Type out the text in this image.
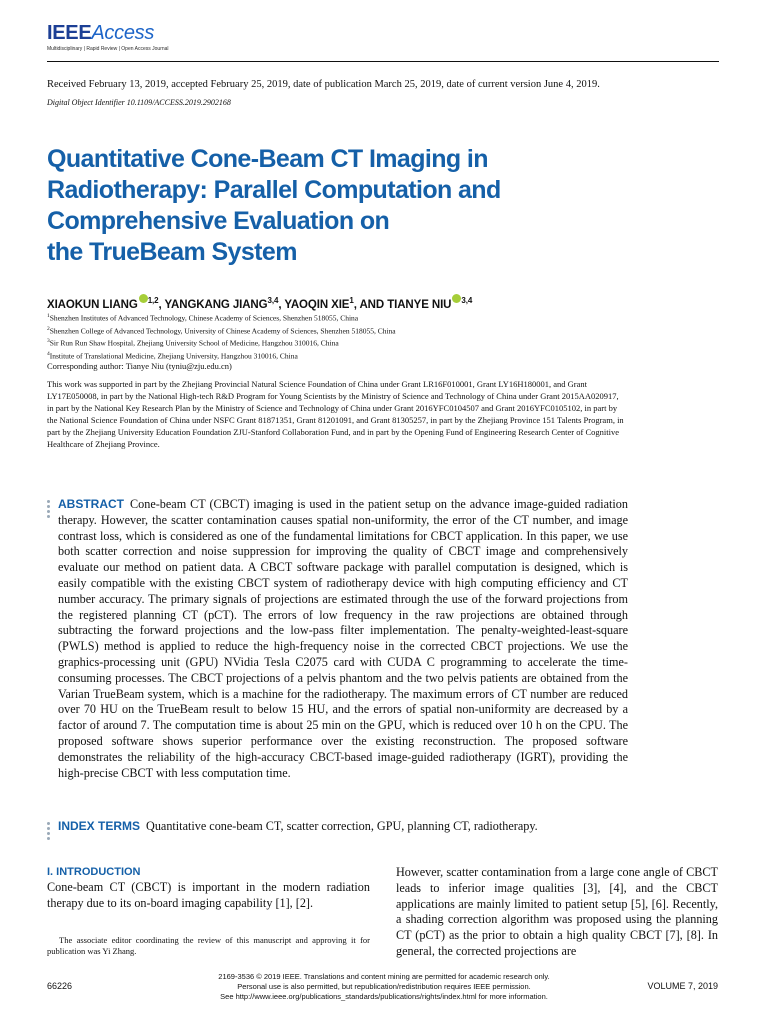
IEEEAccess
Multidisciplinary | Rapid Review | Open Access Journal
Received February 13, 2019, accepted February 25, 2019, date of publication March 25, 2019, date of current version June 4, 2019.
Digital Object Identifier 10.1109/ACCESS.2019.2902168
Quantitative Cone-Beam CT Imaging in
Radiotherapy: Parallel Computation and
Comprehensive Evaluation on
the TrueBeam System
XIAOKUN LIANG $^{1,2}$, YANGKANG JIANG$^{3,4}$, YAOQIN XIE$^1$, AND TIANYE NIU $^{3,4}$
$^1$Shenzhen Institutes of Advanced Technology, Chinese Academy of Sciences, Shenzhen 518055, China
$^2$Shenzhen College of Advanced Technology, University of Chinese Academy of Sciences, Shenzhen 518055, China
$^3$Sir Run Run Shaw Hospital, Zhejiang University School of Medicine, Hangzhou 310016, China
$^4$Institute of Translational Medicine, Zhejiang University, Hangzhou 310016, China
Corresponding author: Tianye Niu (tyniu@zju.edu.cn)
This work was supported in part by the Zhejiang Provincial Natural Science Foundation of China under Grant LR16F010001, Grant LY16H180001, and Grant LY17E050008, in part by the National High-tech R&D Program for Young Scientists by the Ministry of Science and Technology of China under Grant 2015AA020917, in part by the National Key Research Plan by the Ministry of Science and Technology of China under Grant 2016YFC0104507 and Grant 2016YFC0105102, in part by the National Science Foundation of China under NSFC Grant 81871351, Grant 81201091, and Grant 81305257, in part by the Zhejiang Province 151 Talents Program, in part by the Zhejiang University Education Foundation ZJU-Stanford Collaboration Fund, and in part by the Opening Fund of Engineering Research Center of Cognitive Healthcare of Zhejiang Province.

ABSTRACT Cone-beam CT (CBCT) imaging is used in the patient setup on the advance image-guided radiation therapy. However, the scatter contamination causes spatial non-uniformity, the error of the CT number, and image contrast loss, which is considered as one of the fundamental limitations for CBCT application. In this paper, we use both scatter correction and noise suppression for improving the quality of CBCT image and comprehensively evaluate our method on patient data. A CBCT software package with parallel computation is designed, which is easily compatible with the existing CBCT system of radiotherapy device with high computing efficiency and CT number accuracy. The primary signals of projections are estimated through the use of the forward projections from the registered planning CT (pCT). The errors of low frequency in the raw projections are obtained through subtracting the forward projections and the low-pass filter implementation. The penalty-weighted-least-square (PWLS) method is applied to reduce the high-frequency noise in the corrected CBCT projections. We use the graphics-processing unit (GPU) NVidia Tesla C2075 card with CUDA C programming to accelerate the time-consuming processes. The CBCT projections of a pelvis phantom and the two pelvis patients are obtained from the Varian TrueBeam system, which is a machine for the radiotherapy. The maximum errors of CT number are reduced over 70 HU on the TrueBeam result to below 15 HU, and the errors of spatial non-uniformity are decreased by a factor of around 7. The computation time is about 25 min on the GPU, which is reduced over 10 h on the CPU. The proposed software shows superior performance over the existing reconstruction. The proposed software demonstrates the reliability of the high-accuracy CBCT-based image-guided radiotherapy (IGRT), providing the high-precise CBCT with less computation time.

INDEX TERMS Quantitative cone-beam CT, scatter correction, GPU, planning CT, radiotherapy.
I. INTRODUCTION

Cone-beam CT (CBCT) is important in the modern radiation therapy due to its on-board imaging capability [1], [2].

The associate editor coordinating the review of this manuscript and approving it for publication was Yi Zhang.

However, scatter contamination from a large cone angle of CBCT leads to inferior image qualities [3], [4], and the CBCT applications are mainly limited to patient setup [5], [6]. Recently, a shading correction algorithm was proposed using the planning CT (pCT) as the prior to obtain a high quality CBCT [7], [8]. In general, the corrected projections are

66226
2169-3536 © 2019 IEEE. Translations and content mining are permitted for academic research only.
Personal use is also permitted, but republication/redistribution requires IEEE permission.
See http://www.ieee.org/publications_standards/publications/rights/index.html for more information.
VOLUME 7, 2019
